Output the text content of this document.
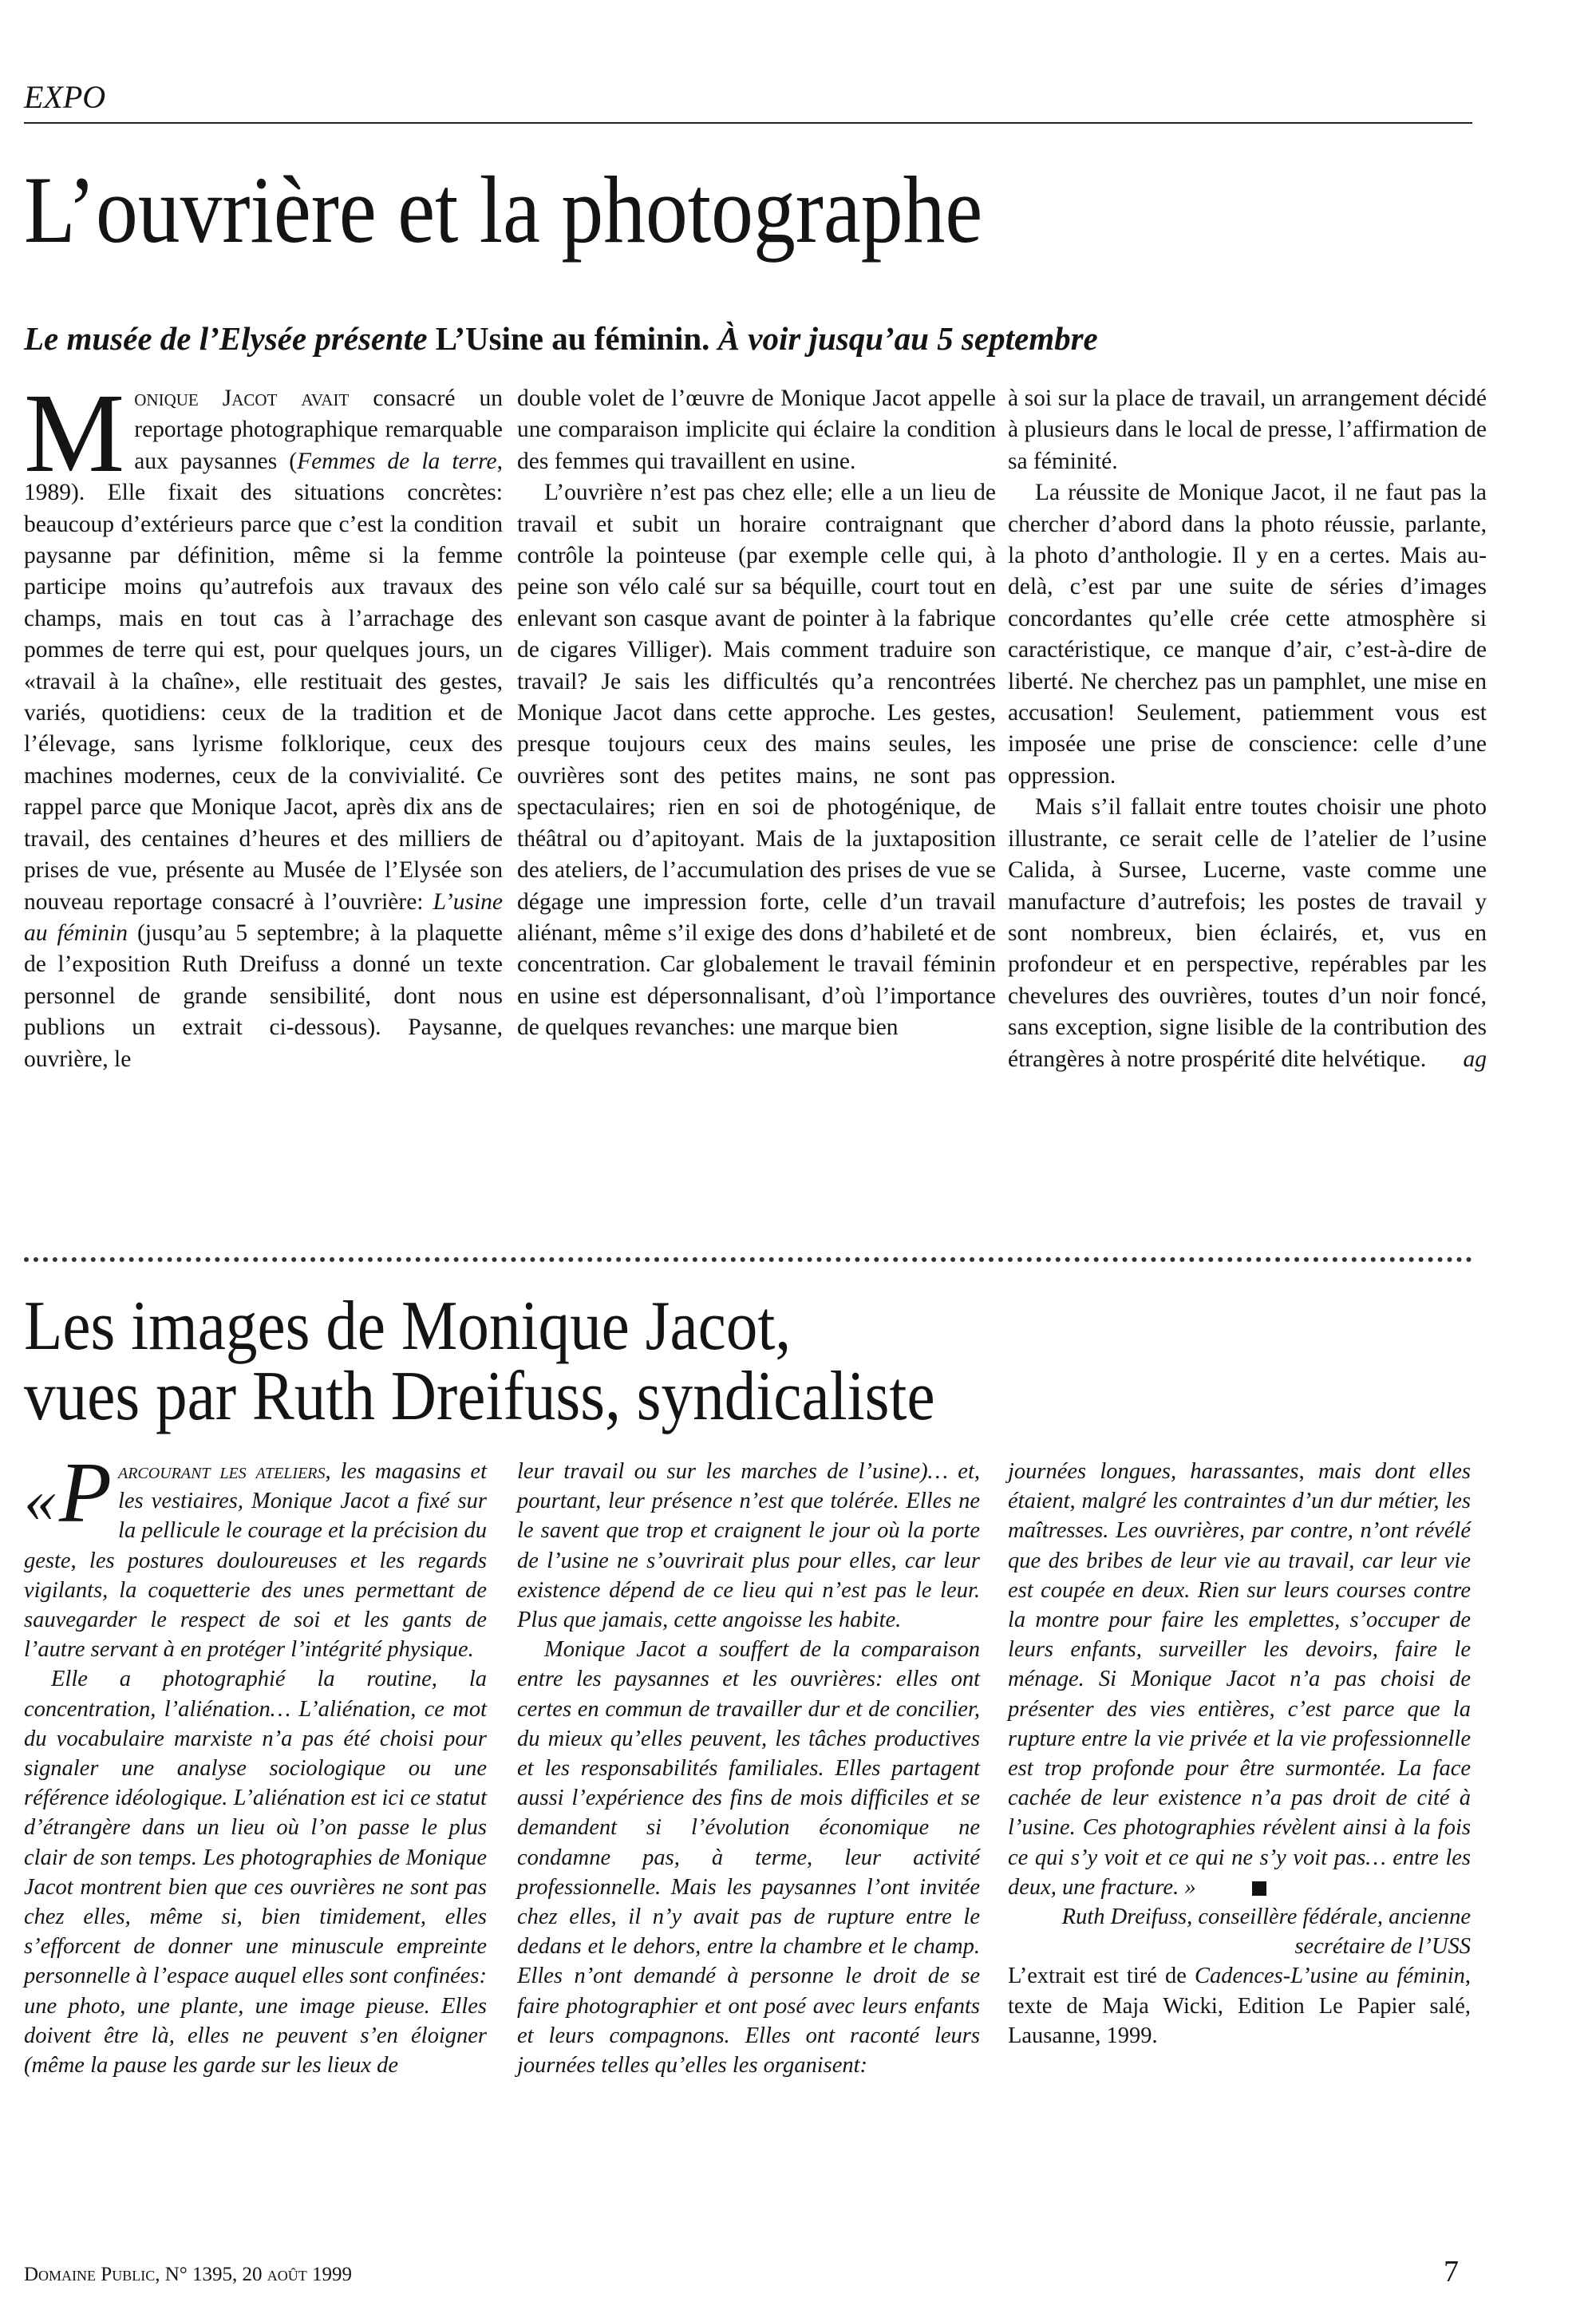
EXPO
L’ouvrière et la photographe
Le musée de l’Elysée présente L’Usine au féminin. À voir jusqu’au 5 septembre

Monique Jacot avait consacré un reportage photographique remarquable aux paysannes (Femmes de la terre, 1989). Elle fixait des situations concrètes: beaucoup d’extérieurs parce que c’est la condition paysanne par définition, même si la femme participe moins qu’autrefois aux travaux des champs, mais en tout cas à l’arrachage des pommes de terre qui est, pour quelques jours, un «travail à la chaîne», elle restituait des gestes, variés, quotidiens: ceux de la tradition et de l’élevage, sans lyrisme folklorique, ceux des machines modernes, ceux de la convivialité. Ce rappel parce que Monique Jacot, après dix ans de travail, des centaines d’heures et des milliers de prises de vue, présente au Musée de l’Elysée son nouveau reportage consacré à l’ouvrière: L’usine au féminin (jusqu’au 5 septembre; à la plaquette de l’exposition Ruth Dreifuss a donné un texte personnel de grande sensibilité, dont nous publions un extrait ci-dessous). Paysanne, ouvrière, le

double volet de l’œuvre de Monique Jacot appelle une comparaison implicite qui éclaire la condition des femmes qui travaillent en usine.

L’ouvrière n’est pas chez elle; elle a un lieu de travail et subit un horaire contraignant que contrôle la pointeuse (par exemple celle qui, à peine son vélo calé sur sa béquille, court tout en enlevant son casque avant de pointer à la fabrique de cigares Villiger). Mais comment traduire son travail? Je sais les difficultés qu’a rencontrées Monique Jacot dans cette approche. Les gestes, presque toujours ceux des mains seules, les ouvrières sont des petites mains, ne sont pas spectaculaires; rien en soi de photogénique, de théâtral ou d’apitoyant. Mais de la juxtaposition des ateliers, de l’accumulation des prises de vue se dégage une impression forte, celle d’un travail aliénant, même s’il exige des dons d’habileté et de concentration. Car globalement le travail féminin en usine est dépersonnalisant, d’où l’importance de quelques revanches: une marque bien

à soi sur la place de travail, un arrangement décidé à plusieurs dans le local de presse, l’affirmation de sa féminité.

La réussite de Monique Jacot, il ne faut pas la chercher d’abord dans la photo réussie, parlante, la photo d’anthologie. Il y en a certes. Mais au-delà, c’est par une suite de séries d’images concordantes qu’elle crée cette atmosphère si caractéristique, ce manque d’air, c’est-à-dire de liberté. Ne cherchez pas un pamphlet, une mise en accusation! Seulement, patiemment vous est imposée une prise de conscience: celle d’une oppression.

Mais s’il fallait entre toutes choisir une photo illustrante, ce serait celle de l’atelier de l’usine Calida, à Sursee, Lucerne, vaste comme une manufacture d’autrefois; les postes de travail y sont nombreux, bien éclairés, et, vus en profondeur et en perspective, repérables par les chevelures des ouvrières, toutes d’un noir foncé, sans exception, signe lisible de la contribution des étrangères à notre prospérité dite helvétique.	ag
Les images de Monique Jacot,
vues par Ruth Dreifuss, syndicaliste

« P arcourant les ateliers, les magasins et les vestiaires, Monique Jacot a fixé sur la pellicule le courage et la précision du geste, les postures douloureuses et les regards vigilants, la coquetterie des unes permettant de sauvegarder le respect de soi et les gants de l’autre servant à en protéger l’intégrité physique.

Elle a photographié la routine, la concentration, l’aliénation… L’aliénation, ce mot du vocabulaire marxiste n’a pas été choisi pour signaler une analyse sociologique ou une référence idéologique. L’aliénation est ici ce statut d’étrangère dans un lieu où l’on passe le plus clair de son temps. Les photographies de Monique Jacot montrent bien que ces ouvrières ne sont pas chez elles, même si, bien timidement, elles s’efforcent de donner une minuscule empreinte personnelle à l’espace auquel elles sont confinées: une photo, une plante, une image pieuse. Elles doivent être là, elles ne peuvent s’en éloigner (même la pause les garde sur les lieux de

leur travail ou sur les marches de l’usine)… et, pourtant, leur présence n’est que tolérée. Elles ne le savent que trop et craignent le jour où la porte de l’usine ne s’ouvrirait plus pour elles, car leur existence dépend de ce lieu qui n’est pas le leur. Plus que jamais, cette angoisse les habite.

Monique Jacot a souffert de la comparaison entre les paysannes et les ouvrières: elles ont certes en commun de travailler dur et de concilier, du mieux qu’elles peuvent, les tâches productives et les responsabilités familiales. Elles partagent aussi l’expérience des fins de mois difficiles et se demandent si l’évolution économique ne condamne pas, à terme, leur activité professionnelle. Mais les paysannes l’ont invitée chez elles, il n’y avait pas de rupture entre le dedans et le dehors, entre la chambre et le champ. Elles n’ont demandé à personne le droit de se faire photographier et ont posé avec leurs enfants et leurs compagnons. Elles ont raconté leurs journées telles qu’elles les organisent:

journées longues, harassantes, mais dont elles étaient, malgré les contraintes d’un dur métier, les maîtresses. Les ouvrières, par contre, n’ont révélé que des bribes de leur vie au travail, car leur vie est coupée en deux. Rien sur leurs courses contre la montre pour faire les emplettes, s’occuper de leurs enfants, surveiller les devoirs, faire le ménage. Si Monique Jacot n’a pas choisi de présenter des vies entières, c’est parce que la rupture entre la vie privée et la vie professionnelle est trop profonde pour être surmontée. La face cachée de leur existence n’a pas droit de cité à l’usine. Ces photographies révèlent ainsi à la fois ce qui s’y voit et ce qui ne s’y voit pas… entre les deux, une fracture. »

Ruth Dreifuss, conseillère fédérale, ancienne secrétaire de l’USS

L’extrait est tiré de Cadences-L’usine au féminin, texte de Maja Wicki, Edition Le Papier salé, Lausanne, 1999.

Domaine Public, N° 1395, 20 août 1999	7
